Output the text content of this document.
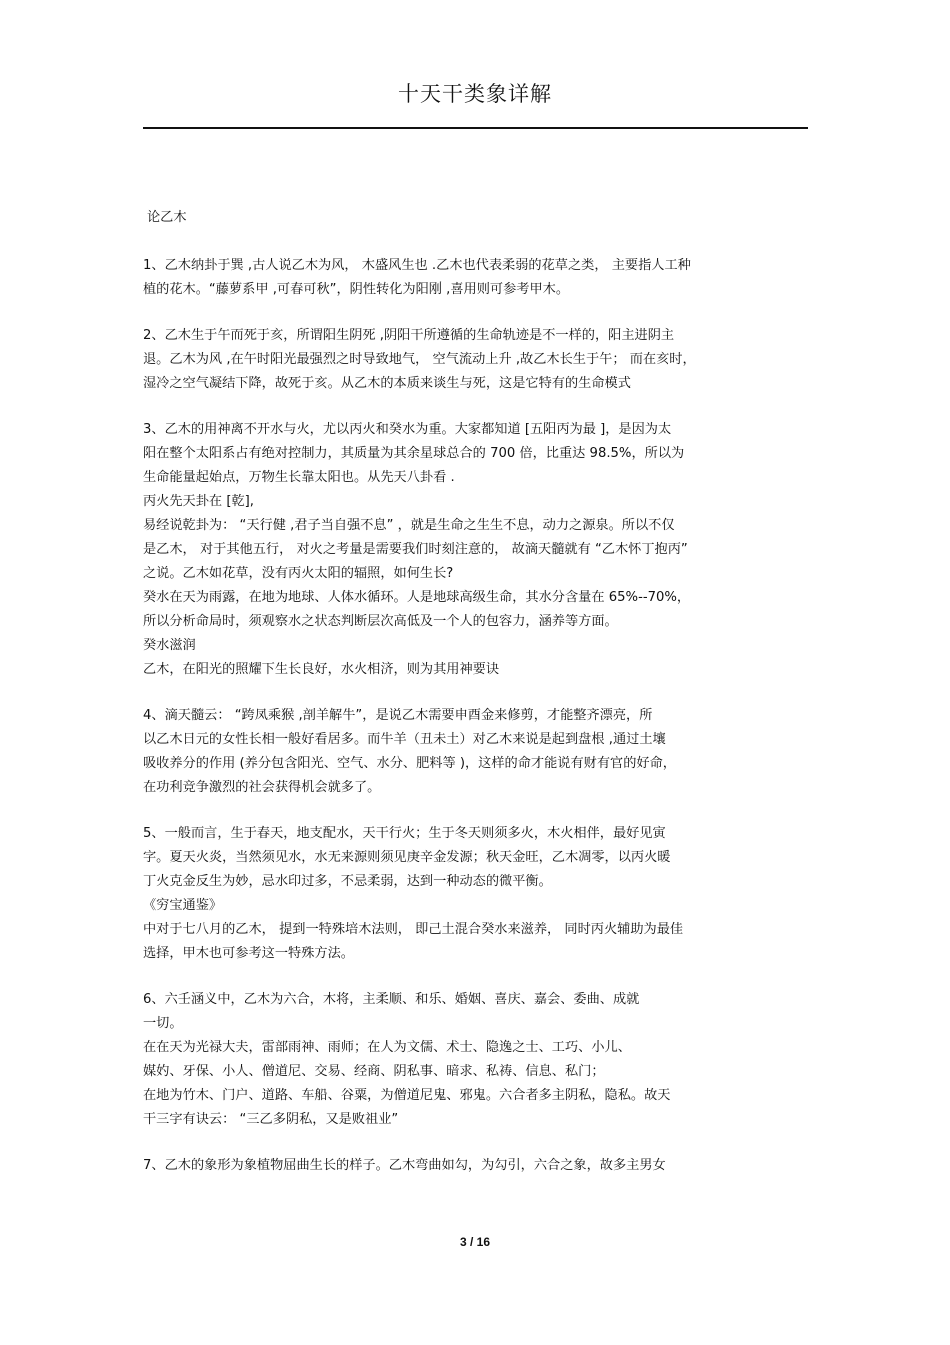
十天干类象详解
论乙木
1、乙木纳卦于巽 ,古人说乙木为风， 木盛风生也 .乙木也代表柔弱的花草之类， 主要指人工种
植的花木。“藤萝系甲 ,可春可秋”，阴性转化为阳刚 ,喜用则可参考甲木。
2、乙木生于午而死于亥，所谓阳生阴死 ,阴阳干所遵循的生命轨迹是不一样的，阳主进阴主
退。乙木为风 ,在午时阳光最强烈之时导致地气， 空气流动上升 ,故乙木长生于午； 而在亥时，
湿冷之空气凝结下降，故死于亥。从乙木的本质来谈生与死，这是它特有的生命模式
3、乙木的用神离不开水与火，尤以丙火和癸水为重。大家都知道 [五阳丙为最 ]，是因为太
阳在整个太阳系占有绝对控制力，其质量为其余星球总合的 700 倍，比重达 98.5%，所以为
生命能量起始点，万物生长靠太阳也。从先天八卦看 .
丙火先天卦在 [乾],
易经说乾卦为： “天行健 ,君子当自强不息” ，就是生命之生生不息，动力之源泉。所以不仅
是乙木， 对于其他五行， 对火之考量是需要我们时刻注意的， 故滴天髓就有 “乙木怀丁抱丙”
之说。乙木如花草，没有丙火太阳的辐照，如何生长?
癸水在天为雨露，在地为地球、人体水循环。人是地球高级生命，其水分含量在 65%--70%，
所以分析命局时，须观察水之状态判断层次高低及一个人的包容力，涵养等方面。
癸水滋润
乙木，在阳光的照耀下生长良好，水火相济，则为其用神要诀
4、滴天髓云： “跨凤乘猴 ,剖羊解牛”，是说乙木需要申酉金来修剪，才能整齐漂亮，所
以乙木日元的女性长相一般好看居多。而牛羊（丑未土）对乙木来说是起到盘根 ,通过土壤
吸收养分的作用 (养分包含阳光、空气、水分、肥料等 )，这样的命才能说有财有官的好命，
在功利竞争激烈的社会获得机会就多了。
5、一般而言，生于春天，地支配水，天干行火；生于冬天则须多火，木火相伴，最好见寅
字。夏天火炎，当然须见水，水无来源则须见庚辛金发源；秋天金旺，乙木凋零，以丙火暖
丁火克金反生为妙，忌水印过多，不忌柔弱，达到一种动态的微平衡。
《穷宝通鉴》
中对于七八月的乙木， 提到一特殊培木法则， 即己土混合癸水来滋养， 同时丙火辅助为最佳
选择，甲木也可参考这一特殊方法。
6、六壬涵义中，乙木为六合，木将，主柔顺、和乐、婚姻、喜庆、嘉会、委曲、成就
一切。
在在天为光禄大夫，雷部雨神、雨师；在人为文儒、术士、隐逸之士、工巧、小儿、
媒妁、牙保、小人、僧道尼、交易、经商、阴私事、暗求、私祷、信息、私门；
在地为竹木、门户、道路、车船、谷粟，为僧道尼鬼、邪鬼。六合者多主阴私，隐私。故天
干三字有诀云： “三乙多阴私，又是败祖业”
7、乙木的象形为象植物屈曲生长的样子。乙木弯曲如勾，为勾引，六合之象，故多主男女
3 / 16
